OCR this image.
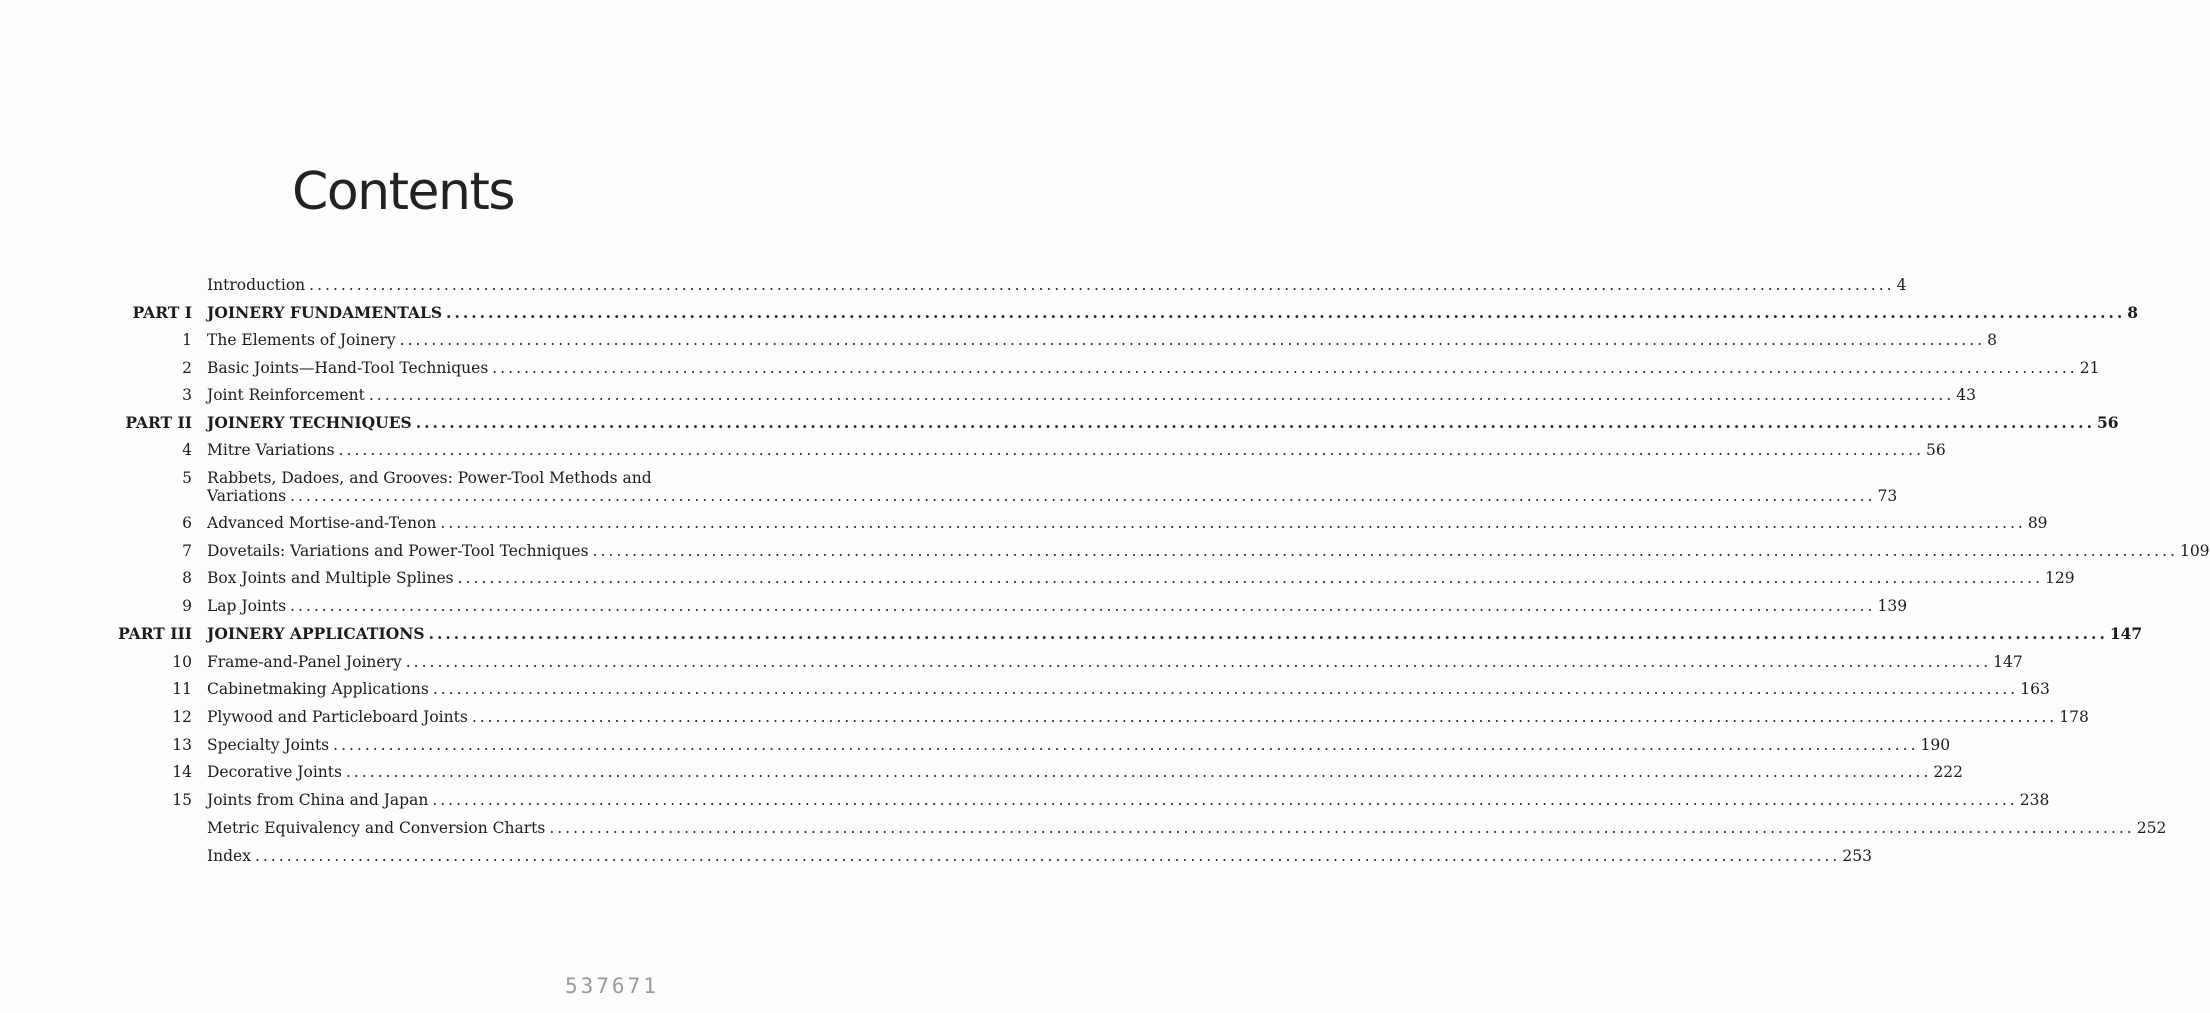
Contents
Introduction ........................................................................................................................................................................................................ 4
PART I JOINERY FUNDAMENTALS ........................................................................................................................................................................................................ 8
1 The Elements of Joinery ........................................................................................................................................................................................................ 8
2 Basic Joints—Hand-Tool Techniques ........................................................................................................................................................................................................ 21
3 Joint Reinforcement ........................................................................................................................................................................................................ 43
PART II JOINERY TECHNIQUES ........................................................................................................................................................................................................ 56
4 Mitre Variations ........................................................................................................................................................................................................ 56
5 Rabbets, Dadoes, and Grooves: Power-Tool Methods and
Variations ........................................................................................................................................................................................................ 73
6 Advanced Mortise-and-Tenon ........................................................................................................................................................................................................ 89
7 Dovetails: Variations and Power-Tool Techniques ........................................................................................................................................................................................................ 109
8 Box Joints and Multiple Splines ........................................................................................................................................................................................................ 129
9 Lap Joints ........................................................................................................................................................................................................ 139
PART III JOINERY APPLICATIONS ........................................................................................................................................................................................................ 147
10 Frame-and-Panel Joinery ........................................................................................................................................................................................................ 147
11 Cabinetmaking Applications ........................................................................................................................................................................................................ 163
12 Plywood and Particleboard Joints ........................................................................................................................................................................................................ 178
13 Specialty Joints ........................................................................................................................................................................................................ 190
14 Decorative Joints ........................................................................................................................................................................................................ 222
15 Joints from China and Japan ........................................................................................................................................................................................................ 238
Metric Equivalency and Conversion Charts ........................................................................................................................................................................................................ 252
Index ........................................................................................................................................................................................................ 253
537671
